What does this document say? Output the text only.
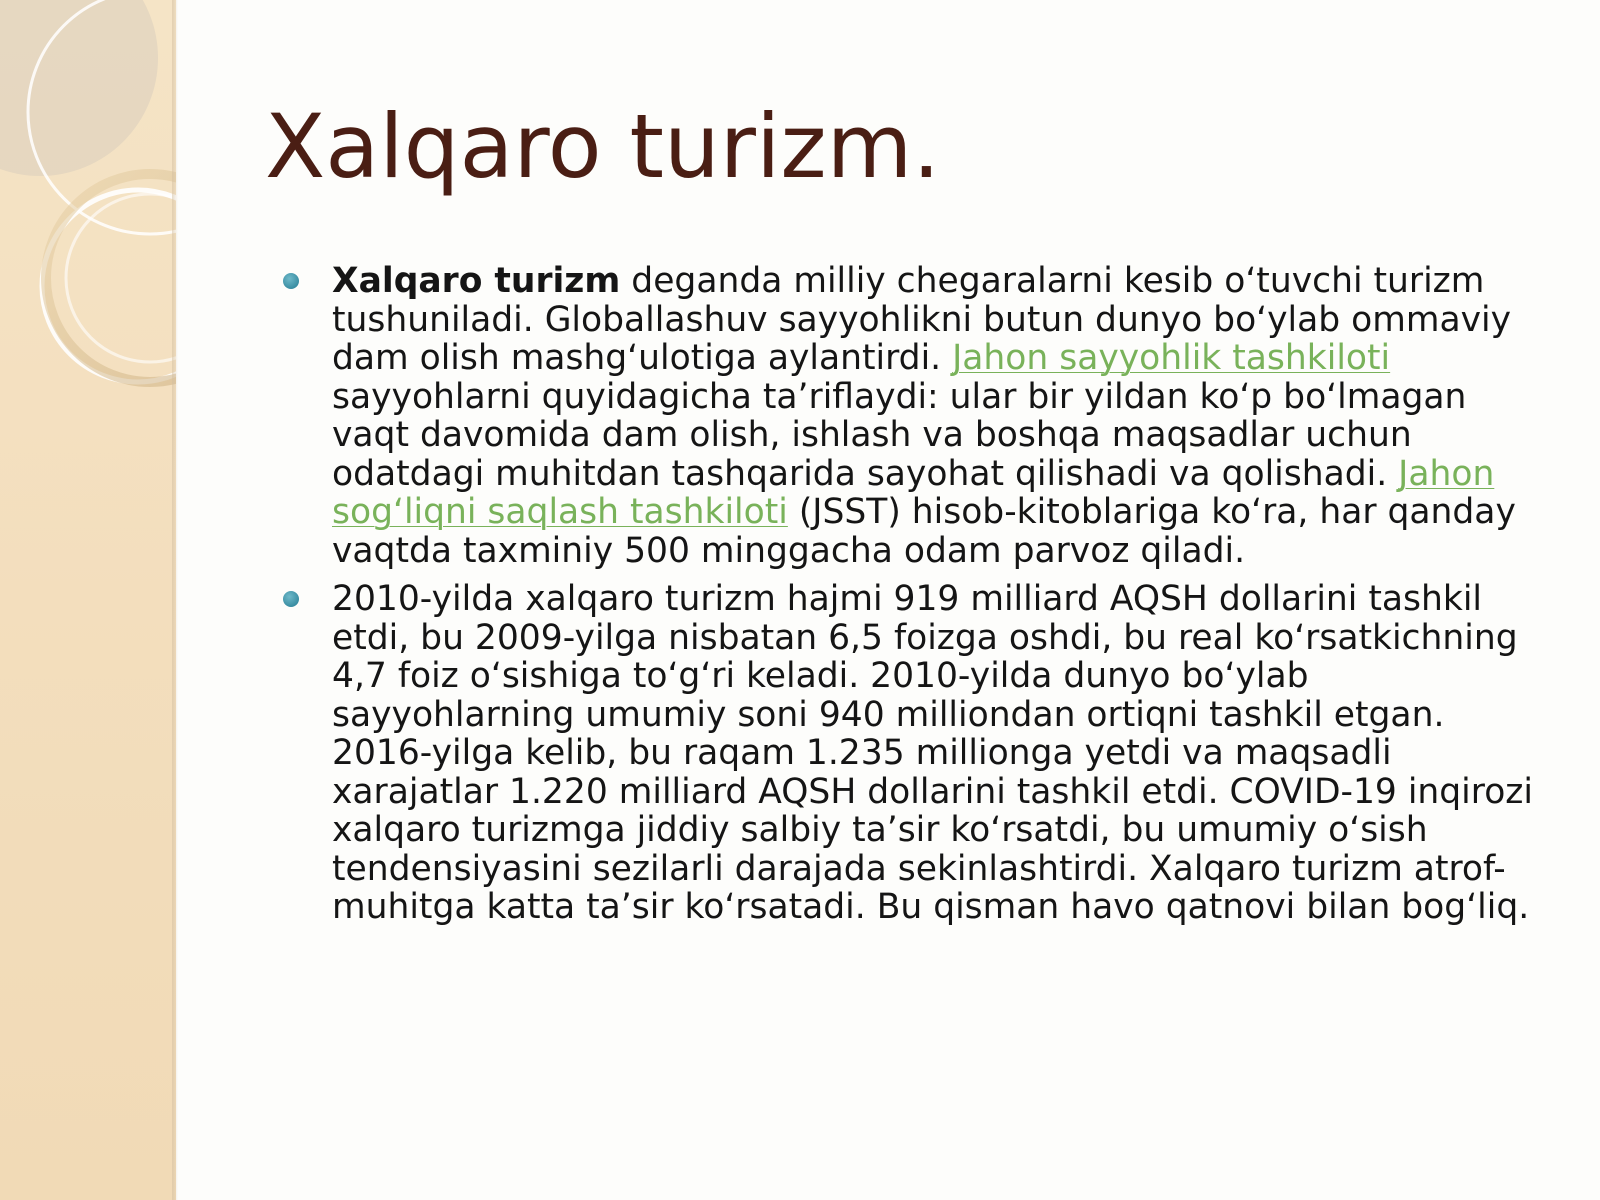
Xalqaro turizm.

Xalqaro turizm deganda milliy chegaralarni kesib o‘tuvchi turizm tushuniladi. Globallashuv sayyohlikni butun dunyo bo‘ylab ommaviy dam olish mashg‘ulotiga aylantirdi. Jahon sayyohlik tashkiloti sayyohlarni quyidagicha ta’riflaydi: ular bir yildan ko‘p bo‘lmagan vaqt davomida dam olish, ishlash va boshqa maqsadlar uchun odatdagi muhitdan tashqarida sayohat qilishadi va qolishadi. Jahon sog‘liqni saqlash tashkiloti (JSST) hisob-kitoblariga ko‘ra, har qanday vaqtda taxminiy 500 minggacha odam parvoz qiladi.

2010-yilda xalqaro turizm hajmi 919 milliard AQSH dollarini tashkil etdi, bu 2009-yilga nisbatan 6,5 foizga oshdi, bu real ko‘rsatkichning 4,7 foiz o‘sishiga to‘g‘ri keladi. 2010-yilda dunyo bo‘ylab sayyohlarning umumiy soni 940 milliondan ortiqni tashkil etgan. 2016-yilga kelib, bu raqam 1.235 millionga yetdi va maqsadli xarajatlar 1.220 milliard AQSH dollarini tashkil etdi. COVID-19 inqirozi xalqaro turizmga jiddiy salbiy ta’sir ko‘rsatdi, bu umumiy o‘sish tendensiyasini sezilarli darajada sekinlashtirdi. Xalqaro turizm atrof-muhitga katta ta’sir ko‘rsatadi. Bu qisman havo qatnovi bilan bog‘liq.
